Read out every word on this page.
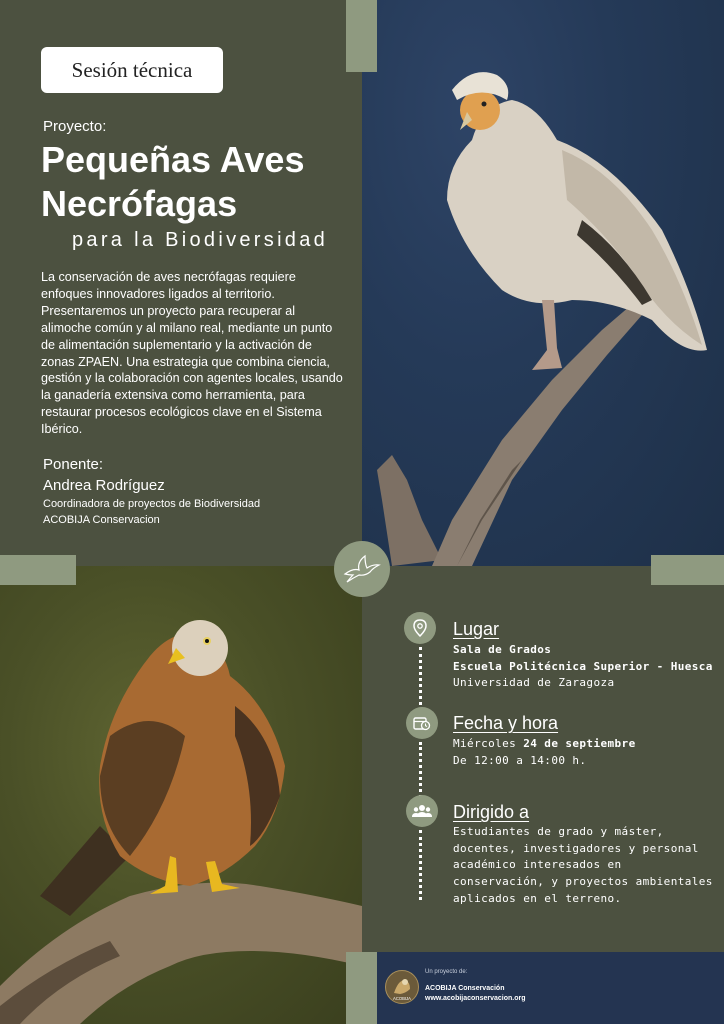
Sesión técnica
Proyecto:
Pequeñas Aves
Necrófagas
para la Biodiversidad
La conservación de aves necrófagas requiere enfoques innovadores ligados al territorio. Presentaremos un proyecto para recuperar al alimoche común y al milano real, mediante un punto de alimentación suplementario y la activación de zonas ZPAEN. Una estrategia que combina ciencia, gestión y la colaboración con agentes locales, usando la ganadería extensiva como herramienta, para restaurar procesos ecológicos clave en el Sistema Ibérico.
Ponente:
Andrea Rodríguez
Coordinadora de proyectos de Biodiversidad
ACOBIJA Conservacion
Lugar
Sala de Grados
Escuela Politécnica Superior - Huesca
Universidad de Zaragoza
Fecha y hora
Miércoles 24 de septiembre
De 12:00 a 14:00 h.
Dirigido a
Estudiantes de grado y máster,
docentes, investigadores y personal
académico interesados en
conservación, y proyectos ambientales
aplicados en el terreno.
ACOBIJA
Un proyecto de:
ACOBIJA Conservación
www.acobijaconservacion.org
